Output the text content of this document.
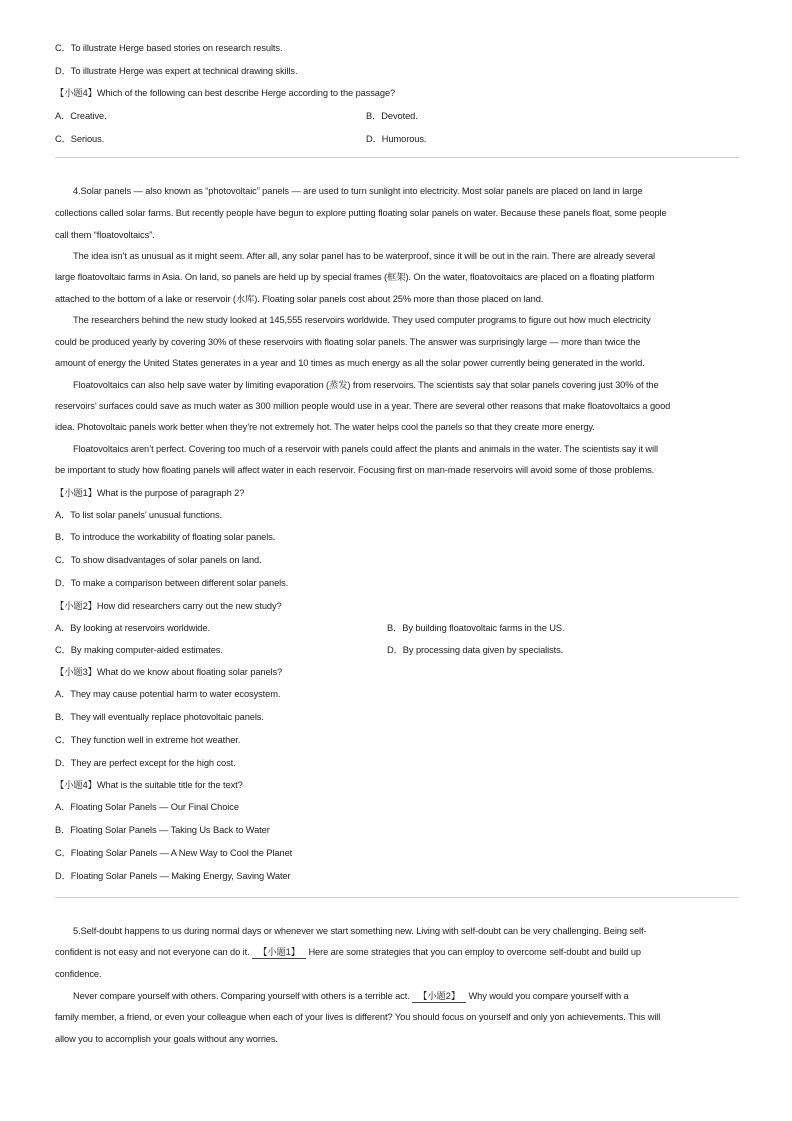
C．To illustrate Herge based stories on research results.
D．To illustrate Herge was expert at technical drawing skills.
【小题4】Which of the following can best describe Herge according to the passage?
A．Creative.	B．Devoted.
C．Serious.	D．Humorous.
4.Solar panels — also known as “photovoltaic” panels — are used to turn sunlight into electricity. Most solar panels are placed on land in large
collections called solar farms. But recently people have begun to explore putting floating solar panels on water. Because these panels float, some people
call them “floatovoltaics”.
The idea isn’t as unusual as it might seem. After all, any solar panel has to be waterproof, since it will be out in the rain. There are already several
large floatovoltaic farms in Asia. On land, so panels are held up by special frames (框架). On the water, floatovoltaics are placed on a floating platform
attached to the bottom of a lake or reservoir (水库). Floating solar panels cost about 25% more than those placed on land.
The researchers behind the new study looked at 145,555 reservoirs worldwide. They used computer programs to figure out how much electricity
could be produced yearly by covering 30% of these reservoirs with floating solar panels. The answer was surprisingly large — more than twice the
amount of energy the United States generates in a year and 10 times as much energy as all the solar power currently being generated in the world.
Floatovoltaics can also help save water by limiting evaporation (蒸发) from reservoirs. The scientists say that solar panels covering just 30% of the
reservoirs’ surfaces could save as much water as 300 million people would use in a year. There are several other reasons that make floatovoltaics a good
idea. Photovoltaic panels work better when they’re not extremely hot. The water helps cool the panels so that they create more energy.
Floatovoltaics aren’t perfect. Covering too much of a reservoir with panels could affect the plants and animals in the water. The scientists say it will
be important to study how floating panels will affect water in each reservoir. Focusing first on man-made reservoirs will avoid some of those problems.
【小题1】What is the purpose of paragraph 2?
A．To list solar panels’ unusual functions.
B．To introduce the workability of floating solar panels.
C．To show disadvantages of solar panels on land.
D．To make a comparison between different solar panels.
【小题2】How did researchers carry out the new study?
A．By looking at reservoirs worldwide.	B．By building floatovoltaic farms in the US.
C．By making computer-aided estimates.	D．By processing data given by specialists.
【小题3】What do we know about floating solar panels?
A．They may cause potential harm to water ecosystem.
B．They will eventually replace photovoltaic panels.
C．They function well in extreme hot weather.
D．They are perfect except for the high cost.
【小题4】What is the suitable title for the text?
A．Floating Solar Panels — Our Final Choice
B．Floating Solar Panels — Taking Us Back to Water
C．Floating Solar Panels — A New Way to Cool the Planet
D．Floating Solar Panels — Making Energy, Saving Water
5.Self-doubt happens to us during normal days or whenever we start something new. Living with self-doubt can be very challenging. Being self-
confident is not easy and not everyone can do it. 【小题1】 Here are some strategies that you can employ to overcome self-doubt and build up
confidence.
Never compare yourself with others. Comparing yourself with others is a terrible act. 【小题2】 Why would you compare yourself with a
family member, a friend, or even your colleague when each of your lives is different? You should focus on yourself and only yon achievements. This will
allow you to accomplish your goals without any worries.
